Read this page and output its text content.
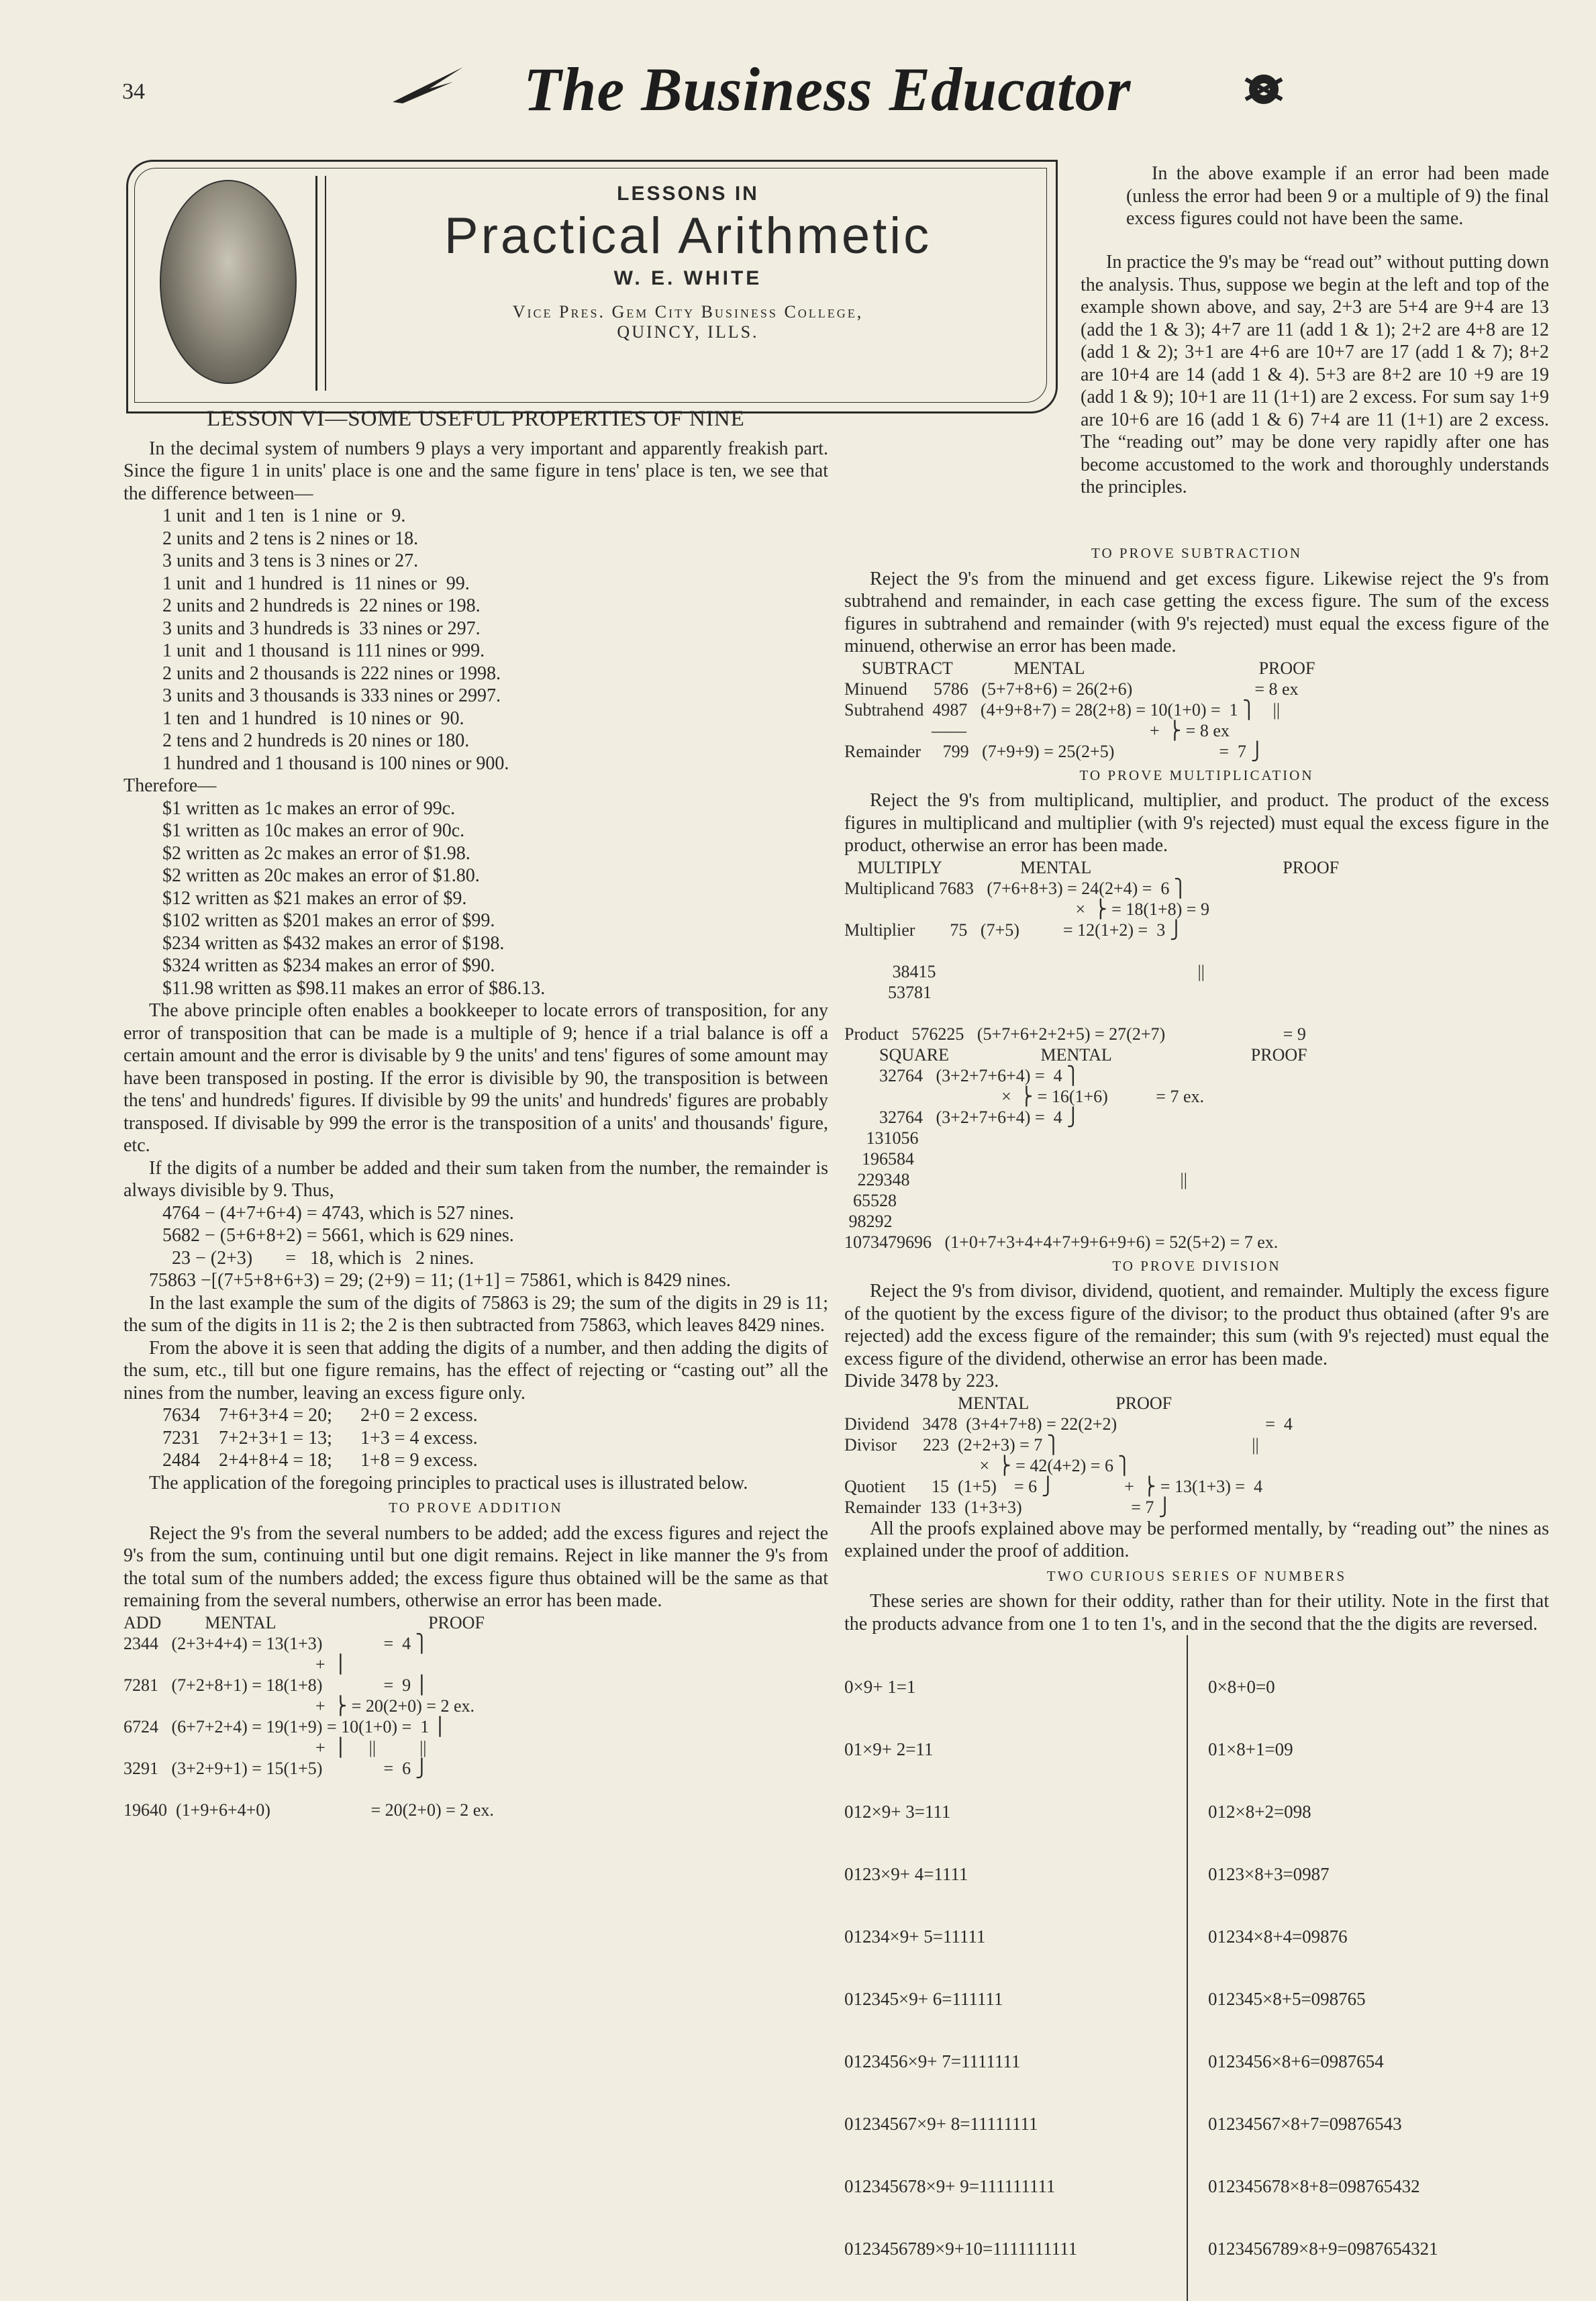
34	The Business Educator
LESSONS IN
Practical Arithmetic
W. E. WHITE
Vice Pres. Gem City Business College,
QUINCY, ILLS.
LESSON VI—SOME USEFUL PROPERTIES OF NINE

In the decimal system of numbers 9 plays a very important and apparently freakish part. Since the figure 1 in units' place is one and the same figure in tens' place is ten, we see that the difference between—

1 unit  and 1 ten  is 1 nine  or  9.
2 units and 2 tens is 2 nines or 18.
3 units and 3 tens is 3 nines or 27.
1 unit  and 1 hundred  is  11 nines or  99.
2 units and 2 hundreds is  22 nines or 198.
3 units and 3 hundreds is  33 nines or 297.
1 unit  and 1 thousand  is 111 nines or 999.
2 units and 2 thousands is 222 nines or 1998.
3 units and 3 thousands is 333 nines or 2997.
1 ten  and 1 hundred   is 10 nines or  90.
2 tens and 2 hundreds is 20 nines or 180.
1 hundred and 1 thousand is 100 nines or 900.

Therefore—

$1 written as 1c makes an error of 99c.
$1 written as 10c makes an error of 90c.
$2 written as 2c makes an error of $1.98.
$2 written as 20c makes an error of $1.80.
$12 written as $21 makes an error of $9.
$102 written as $201 makes an error of $99.
$234 written as $432 makes an error of $198.
$324 written as $234 makes an error of $90.
$11.98 written as $98.11 makes an error of $86.13.

The above principle often enables a bookkeeper to locate errors of transposition, for any error of transposition that can be made is a multiple of 9; hence if a trial balance is off a certain amount and the error is divisable by 9 the units' and tens' figures of some amount may have been transposed in posting. If the error is divisible by 90, the transposition is between the tens' and hundreds' figures. If divisible by 99 the units' and hundreds' figures are probably transposed. If divisable by 999 the error is the transposition of a units' and thousands' figure, etc.

If the digits of a number be added and their sum taken from the number, the remainder is always divisible by 9. Thus,

4764 − (4+7+6+4) = 4743, which is 527 nines.
5682 − (5+6+8+2) = 5661, which is 629 nines.
23 − (2+3)       =   18, which is   2 nines.

75863 −[(7+5+8+6+3) = 29; (2+9) = 11; (1+1] = 75861, which is 8429 nines.

In the last example the sum of the digits of 75863 is 29; the sum of the digits in 29 is 11; the sum of the digits in 11 is 2; the 2 is then subtracted from 75863, which leaves 8429 nines.

From the above it is seen that adding the digits of a number, and then adding the digits of the sum, etc., till but one figure remains, has the effect of rejecting or “casting out” all the nines from the number, leaving an excess figure only.

7634    7+6+3+4 = 20;      2+0 = 2 excess.
7231    7+2+3+1 = 13;      1+3 = 4 excess.
2484    2+4+8+4 = 18;      1+8 = 9 excess.

The application of the foregoing principles to practical uses is illustrated below.

TO PROVE ADDITION

Reject the 9's from the several numbers to be added; add the excess figures and reject the 9's from the sum, continuing until but one digit remains. Reject in like manner the 9's from the total sum of the numbers added; the excess figure thus obtained will be the same as that remaining from the several numbers, otherwise an error has been made.

ADD          MENTAL                                   PROOF
2344   (2+3+4+4) = 13(1+3)              =  4 ⎫
+  ⎪
7281   (7+2+8+1) = 18(1+8)              =  9 ⎪
+  ⎬ = 20(2+0) = 2 ex.
6724   (6+7+2+4) = 19(1+9) = 10(1+0) =  1 ⎪
+  ⎪     ||          ||
3291   (3+2+9+1) = 15(1+5)              =  6 ⎭

19640  (1+9+6+4+0)                       = 20(2+0) = 2 ex.

In the above example if an error had been made (unless the error had been 9 or a multiple of 9) the final excess figures could not have been the same.

In practice the 9's may be “read out” without putting down the analysis. Thus, suppose we begin at the left and top of the example shown above, and say, 2+3 are 5+4 are 9+4 are 13 (add the 1 & 3); 4+7 are 11 (add 1 & 1); 2+2 are 4+8 are 12 (add 1 & 2); 3+1 are 4+6 are 10+7 are 17 (add 1 & 7); 8+2 are 10+4 are 14 (add 1 & 4). 5+3 are 8+2 are 10 +9 are 19 (add 1 & 9); 10+1 are 11 (1+1) are 2 excess. For sum say 1+9 are 10+6 are 16 (add 1 & 6) 7+4 are 11 (1+1) are 2 excess. The “reading out” may be done very rapidly after one has become accustomed to the work and thoroughly understands the principles.

TO PROVE SUBTRACTION

Reject the 9's from the minuend and get excess figure. Likewise reject the 9's from subtrahend and remainder, in each case getting the excess figure. The sum of the excess figures in subtrahend and remainder (with 9's rejected) must equal the excess figure of the minuend, otherwise an error has been made.

SUBTRACT              MENTAL                                        PROOF
Minuend      5786   (5+7+8+6) = 26(2+6)                            = 8 ex
Subtrahend  4987   (4+9+8+7) = 28(2+8) = 10(1+0) =  1 ⎫    ||
——                                          +  ⎬ = 8 ex
Remainder     799   (7+9+9) = 25(2+5)                        =  7 ⎭
TO PROVE MULTIPLICATION

Reject the 9's from multiplicand, multiplier, and product. The product of the excess figures in multiplicand and multiplier (with 9's rejected) must equal the excess figure in the product, otherwise an error has been made.

MULTIPLY                  MENTAL                                            PROOF
Multiplicand 7683   (7+6+8+3) = 24(2+4) =  6 ⎫
×  ⎬ = 18(1+8) = 9
Multiplier        75   (7+5)          = 12(1+2) =  3 ⎭

38415                                                            ||
53781

Product   576225   (5+7+6+2+2+5) = 27(2+7)                           = 9
SQUARE                     MENTAL                                PROOF
32764   (3+2+7+6+4) =  4 ⎫
×  ⎬ = 16(1+6)           = 7 ex.
32764   (3+2+7+6+4) =  4 ⎭
131056
196584
229348                                                              ||
65528
98292
1073479696   (1+0+7+3+4+4+7+9+6+9+6) = 52(5+2) = 7 ex.
TO PROVE DIVISION

Reject the 9's from divisor, dividend, quotient, and remainder. Multiply the excess figure of the quotient by the excess figure of the divisor; to the product thus obtained (after 9's are rejected) add the excess figure of the remainder; this sum (with 9's rejected) must equal the excess figure of the dividend, otherwise an error has been made.

Divide 3478 by 223.

MENTAL                    PROOF
Dividend   3478  (3+4+7+8) = 22(2+2)                                  =  4
Divisor      223  (2+2+3) = 7 ⎫                                            ||
×  ⎬ = 42(4+2) = 6 ⎫
Quotient      15  (1+5)    = 6 ⎭                +  ⎬ = 13(1+3) =  4
Remainder  133  (1+3+3)                         = 7 ⎭

All the proofs explained above may be performed mentally, by “reading out” the nines as explained under the proof of addition.

TWO CURIOUS SERIES OF NUMBERS

These series are shown for their oddity, rather than for their utility. Note in the first that the products advance from one 1 to ten 1's, and in the second that the the digits are reversed.

0×9+ 1=1

01×9+ 2=11

012×9+ 3=111

0123×9+ 4=1111

01234×9+ 5=11111

012345×9+ 6=111111

0123456×9+ 7=1111111

01234567×9+ 8=11111111

012345678×9+ 9=111111111

0123456789×9+10=1111111111

0×8+0=0

01×8+1=09

012×8+2=098

0123×8+3=0987

01234×8+4=09876

012345×8+5=098765

0123456×8+6=0987654

01234567×8+7=09876543

012345678×8+8=098765432

0123456789×8+9=0987654321
